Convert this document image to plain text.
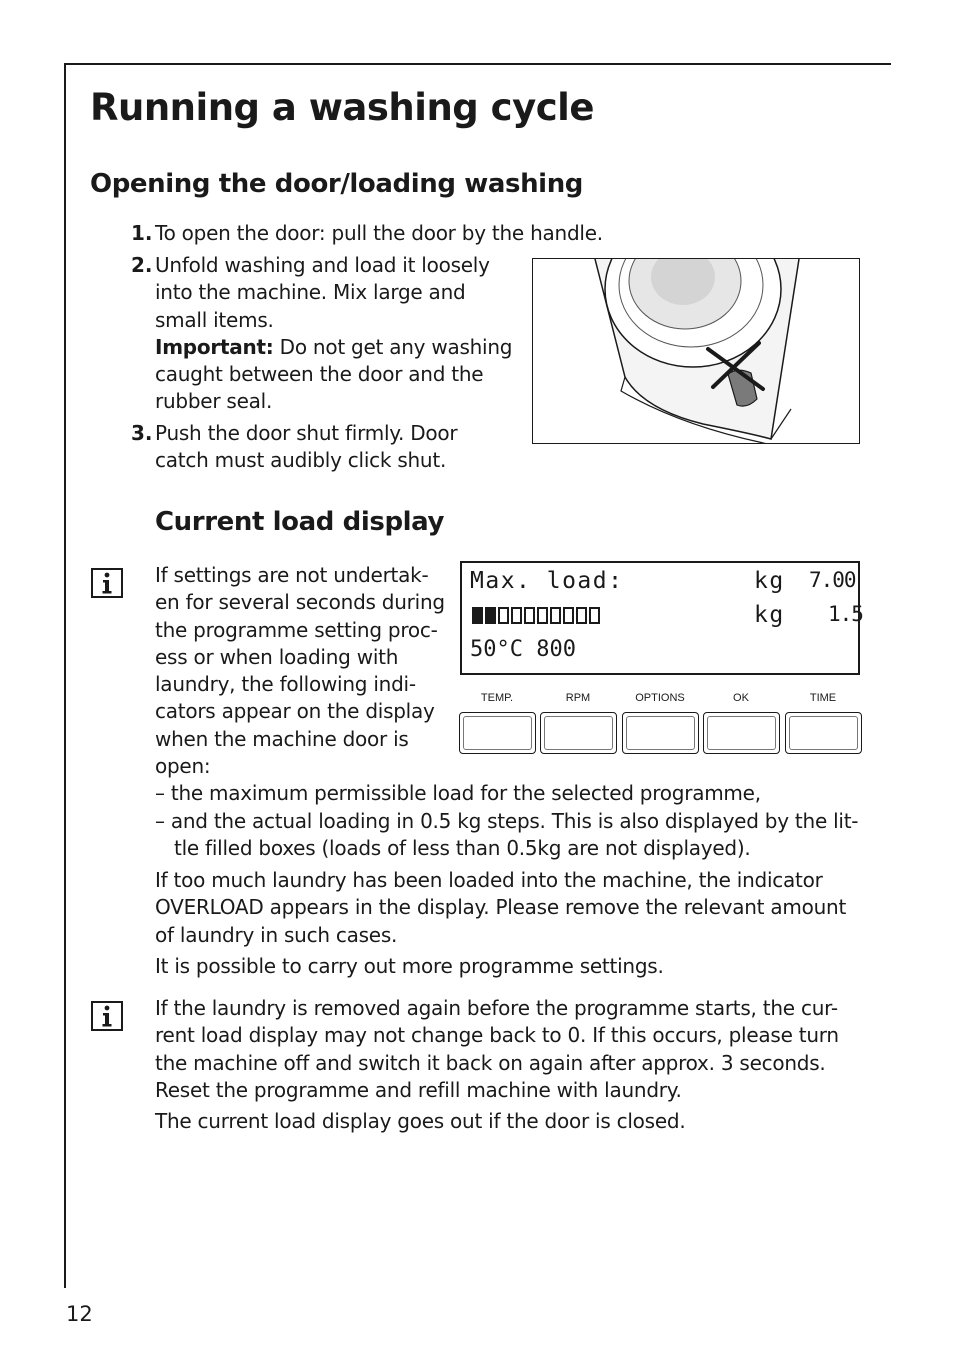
Running a washing cycle
Opening the door/loading washing
1. To open the door: pull the door by the handle.
2. Unfold washing and load it loosely
into the machine. Mix large and
small items.
Important: Do not get any washing
caught between the door and the
rubber seal.
3. Push the door shut firmly. Door
catch must audibly click shut.
Current load display
If settings are not undertak-
en for several seconds during
the programme setting proc-
ess or when loading with
laundry, the following indi-
cators appear on the display
when the machine door is
open:
Max. load:	kg 7.00
kg 1.5
50°C 800
TEMP.	RPM	OPTIONS	OK	TIME
– the maximum permissible load for the selected programme,
– and the actual loading in 0.5 kg steps. This is also displayed by the lit-
tle filled boxes (loads of less than 0.5kg are not displayed).
If too much laundry has been loaded into the machine, the indicator
OVERLOAD appears in the display. Please remove the relevant amount
of laundry in such cases.
It is possible to carry out more programme settings.
If the laundry is removed again before the programme starts, the cur-
rent load display may not change back to 0. If this occurs, please turn
the machine off and switch it back on again after approx. 3 seconds.
Reset the programme and refill machine with laundry.
The current load display goes out if the door is closed.
12
